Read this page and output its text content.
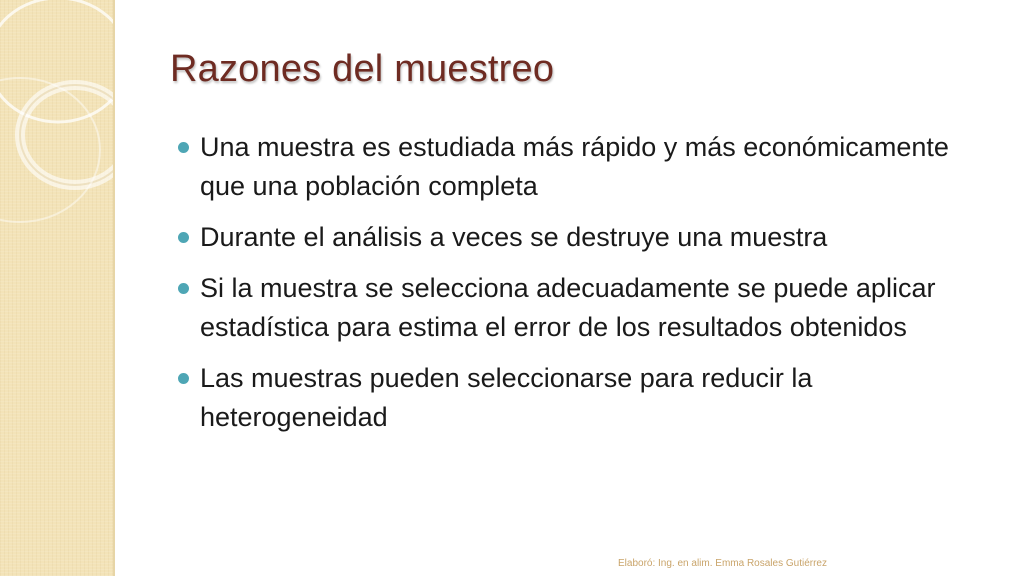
Razones del muestreo
Una muestra es estudiada más rápido y más económicamente que una población completa
Durante el análisis a veces se destruye una muestra
Si la muestra se selecciona adecuadamente se puede aplicar estadística para estima el error de los resultados obtenidos
Las muestras pueden seleccionarse para reducir la heterogeneidad
Elaboró: Ing. en alim. Emma Rosales Gutiérrez
